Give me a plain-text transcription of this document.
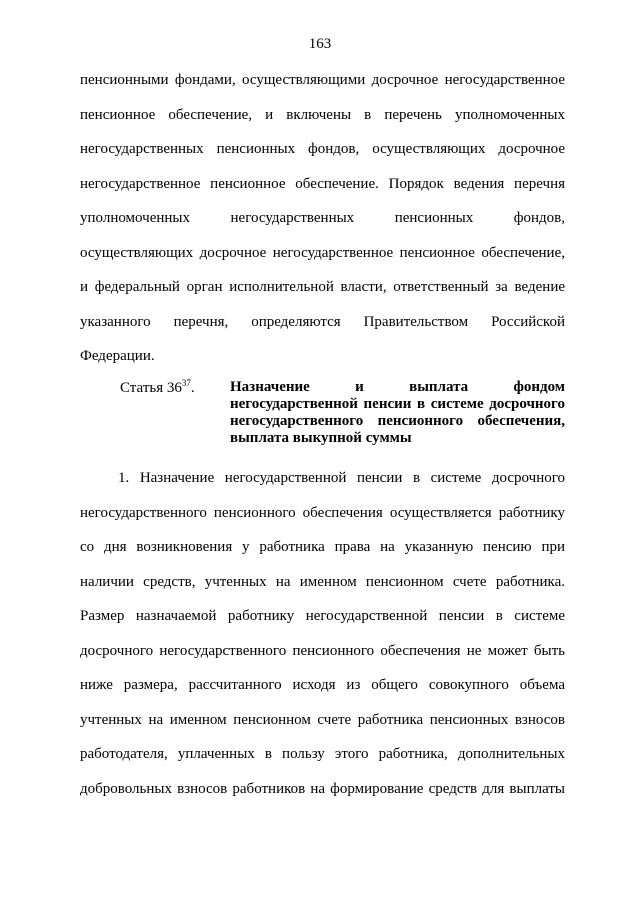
163
пенсионными фондами, осуществляющими досрочное негосударственное
пенсионное обеспечение, и включены в перечень уполномоченных
негосударственных пенсионных фондов, осуществляющих досрочное
негосударственное пенсионное обеспечение. Порядок ведения перечня
уполномоченных негосударственных пенсионных фондов,
осуществляющих досрочное негосударственное пенсионное обеспечение,
и федеральный орган исполнительной власти, ответственный за ведение
указанного перечня, определяются Правительством Российской
Федерации.
Статья $36^{37}$. Назначение и выплата фондом
негосударственной пенсии в системе досрочного
негосударственного пенсионного обеспечения,
выплата выкупной суммы
1. Назначение негосударственной пенсии в системе досрочного
негосударственного пенсионного обеспечения осуществляется работнику
со дня возникновения у работника права на указанную пенсию при
наличии средств, учтенных на именном пенсионном счете работника.
Размер назначаемой работнику негосударственной пенсии в системе
досрочного негосударственного пенсионного обеспечения не может быть
ниже размера, рассчитанного исходя из общего совокупного объема
учтенных на именном пенсионном счете работника пенсионных взносов
работодателя, уплаченных в пользу этого работника, дополнительных
добровольных взносов работников на формирование средств для выплаты
